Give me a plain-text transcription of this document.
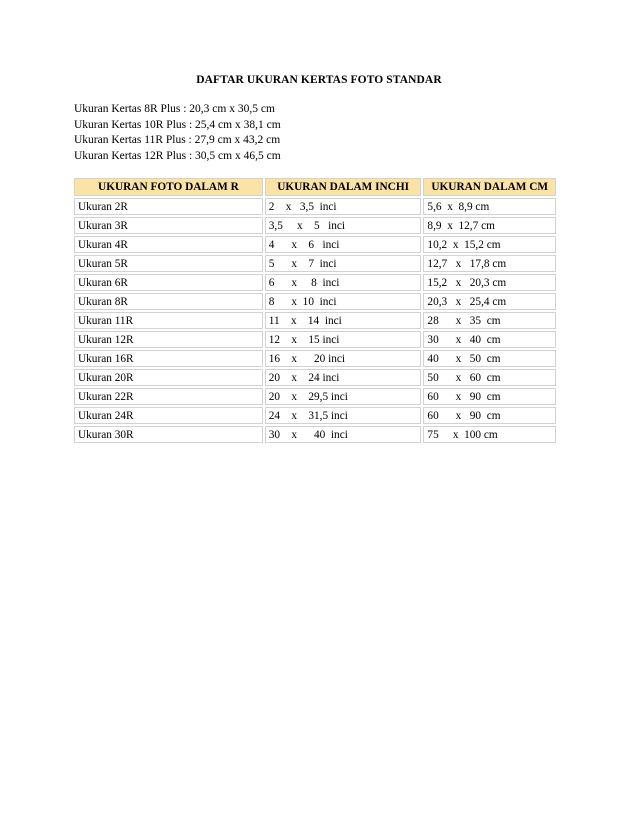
DAFTAR UKURAN KERTAS FOTO STANDAR
Ukuran Kertas 8R Plus : 20,3 cm x 30,5 cm
Ukuran Kertas 10R Plus : 25,4 cm x 38,1 cm
Ukuran Kertas 11R Plus : 27,9 cm x 43,2 cm
Ukuran Kertas 12R Plus : 30,5 cm x 46,5 cm
UKURAN FOTO DALAM R	UKURAN DALAM INCHI	UKURAN DALAM CM
Ukuran 2R	2    x   3,5  inci	5,6  x  8,9 cm
Ukuran 3R	3,5     x    5   inci	8,9  x  12,7 cm
Ukuran 4R	4      x    6   inci	10,2  x  15,2 cm
Ukuran 5R	5      x    7  inci	12,7   x   17,8 cm
Ukuran 6R	6      x     8  inci	15,2   x   20,3 cm
Ukuran 8R	8      x  10  inci	20,3   x   25,4 cm
Ukuran 11R	11    x    14  inci	28      x   35  cm
Ukuran 12R	12    x    15 inci	30      x   40  cm
Ukuran 16R	16    x      20 inci	40      x   50  cm
Ukuran 20R	20    x    24 inci	50      x   60  cm
Ukuran 22R	20    x    29,5 inci	60      x   90  cm
Ukuran 24R	24    x    31,5 inci	60      x   90  cm
Ukuran 30R	30    x      40  inci	75     x  100 cm
